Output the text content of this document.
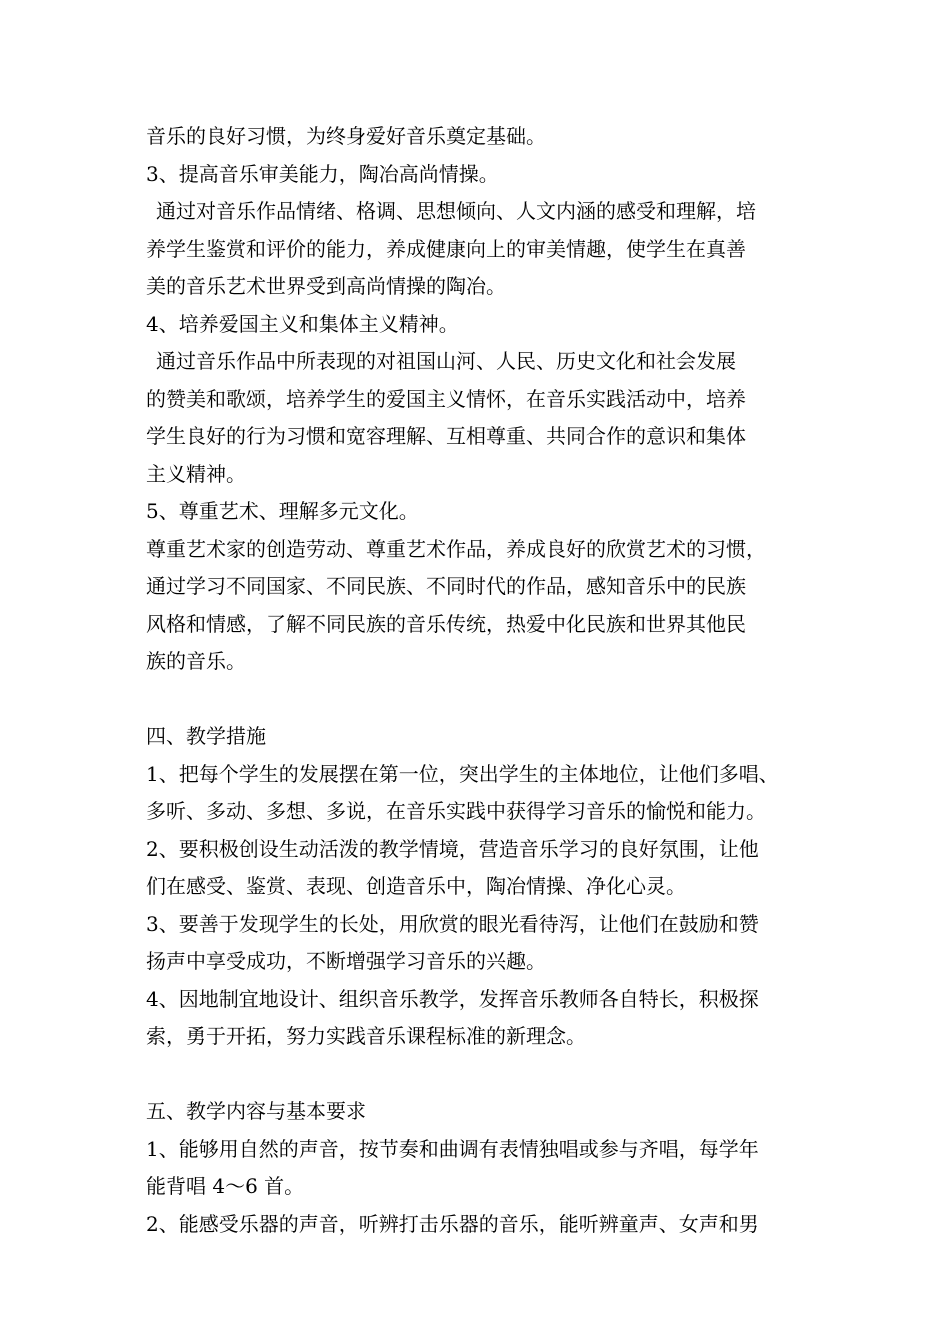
音乐的良好习惯，为终身爱好音乐奠定基础。

3、提高音乐审美能力，陶冶高尚情操。

通过对音乐作品情绪、格调、思想倾向、人文内涵的感受和理解，培

养学生鉴赏和评价的能力，养成健康向上的审美情趣，使学生在真善

美的音乐艺术世界受到高尚情操的陶冶。

4、培养爱国主义和集体主义精神。

通过音乐作品中所表现的对祖国山河、人民、历史文化和社会发展

的赞美和歌颂，培养学生的爱国主义情怀，在音乐实践活动中，培养

学生良好的行为习惯和宽容理解、互相尊重、共同合作的意识和集体

主义精神。

5、尊重艺术、理解多元文化。

尊重艺术家的创造劳动、尊重艺术作品，养成良好的欣赏艺术的习惯，

通过学习不同国家、不同民族、不同时代的作品，感知音乐中的民族

风格和情感，了解不同民族的音乐传统，热爱中化民族和世界其他民

族的音乐。

四、教学措施

1、把每个学生的发展摆在第一位，突出学生的主体地位，让他们多唱、

多听、多动、多想、多说，在音乐实践中获得学习音乐的愉悦和能力。

2、要积极创设生动活泼的教学情境，营造音乐学习的良好氛围，让他

们在感受、鉴赏、表现、创造音乐中，陶冶情操、净化心灵。

3、要善于发现学生的长处，用欣赏的眼光看待泻，让他们在鼓励和赞

扬声中享受成功，不断增强学习音乐的兴趣。

4、因地制宜地设计、组织音乐教学，发挥音乐教师各自特长，积极探

索，勇于开拓，努力实践音乐课程标准的新理念。

五、教学内容与基本要求

1、能够用自然的声音，按节奏和曲调有表情独唱或参与齐唱，每学年

能背唱 4～6 首。

2、能感受乐器的声音，听辨打击乐器的音乐，能听辨童声、女声和男
